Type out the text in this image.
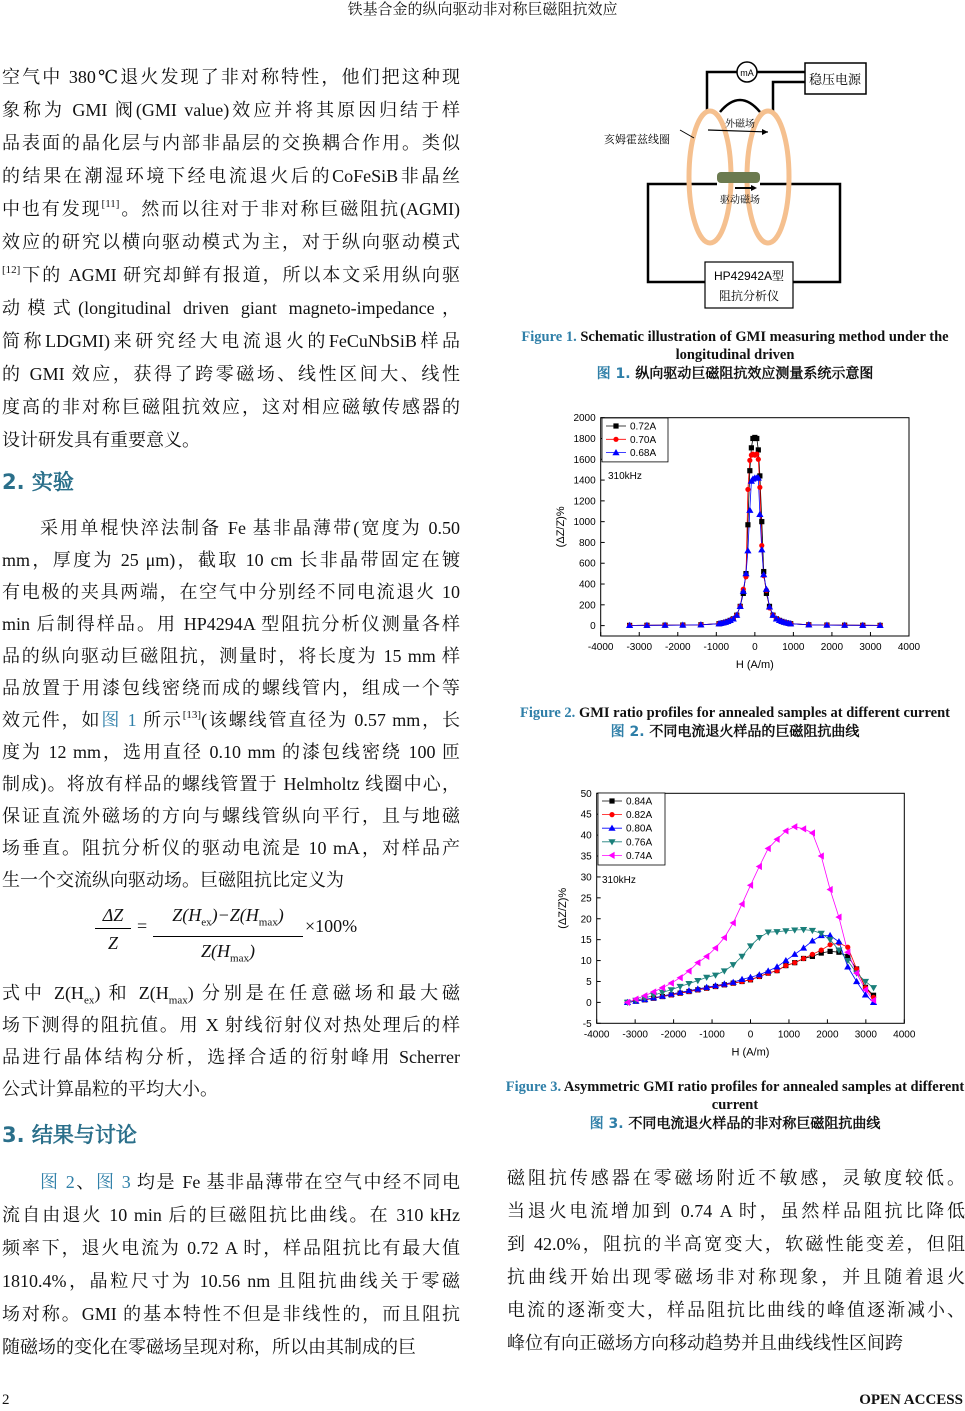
铁基合金的纵向驱动非对称巨磁阻抗效应
空气中 380℃退火发现了非对称特性，他们把这种现
象称为 GMI 阀(GMI value)效应并将其原因归结于样
品表面的晶化层与内部非晶层的交换耦合作用。类似
的结果在潮湿环境下经电流退火后的CoFeSiB非晶丝
中也有发现[11]。然而以往对于非对称巨磁阻抗(AGMI)
效应的研究以横向驱动模式为主，对于纵向驱动模式
[12]下的 AGMI 研究却鲜有报道，所以本文采用纵向驱
动模式(longitudinal driven giant magneto-impedance，
简称LDGMI)来研究经大电流退火的FeCuNbSiB样品
的 GMI 效应，获得了跨零磁场、线性区间大、线性
度高的非对称巨磁阻抗效应，这对相应磁敏传感器的
设计研发具有重要意义。
2. 实验
采用单棍快淬法制备 Fe 基非晶薄带(宽度为 0.50
mm，厚度为 25 μm)，截取 10 cm 长非晶带固定在镀
有电极的夹具两端，在空气中分别经不同电流退火 10
min 后制得样品。用 HP4294A 型阻抗分析仪测量各样
品的纵向驱动巨磁阻抗，测量时，将长度为 15 mm 样
品放置于用漆包线密绕而成的螺线管内，组成一个等
效元件，如图 1 所示[13](该螺线管直径为 0.57 mm，长
度为 12 mm，选用直径 0.10 mm 的漆包线密绕 100 匝
制成)。将放有样品的螺线管置于 Helmholtz 线圈中心，
保证直流外磁场的方向与螺线管纵向平行，且与地磁
场垂直。阻抗分析仪的驱动电流是 10 mA，对样品产
生一个交流纵向驱动场。巨磁阻抗比定义为
$\frac{\Delta Z}{Z}$ =
$Z(H_{ex})-Z(H_{max})$
$Z(H_{max})$
×100%
式中 $Z(H_{ex})$ 和 $Z(H_{max})$ 分别是在任意磁场和最大磁
场下测得的阻抗值。用 X 射线衍射仪对热处理后的样
品进行晶体结构分析，选择合适的衍射峰用 Scherrer
公式计算晶粒的平均大小。
3. 结果与讨论
图 2、图 3 均是 Fe 基非晶薄带在空气中经不同电
流自由退火 10 min 后的巨磁阻抗比曲线。在 310 kHz
频率下，退火电流为 0.72 A 时，样品阻抗比有最大值
1810.4%，晶粒尺寸为 10.56 nm 且阻抗曲线关于零磁
场对称。GMI 的基本特性不但是非线性的，而且阻抗
随磁场的变化在零磁场呈现对称，所以由其制成的巨
mA	稳压电源
外磁场
驱动磁场
亥姆霍兹线圈
HP42942A型
阻抗分析仪
Figure 1. Schematic illustration of GMI measuring method under the longitudinal driven
图 1. 纵向驱动巨磁阻抗效应测量系统示意图
-4000 -3000 -2000 -1000 0 1000 2000 3000 4000
0
200
400
600
800
1000
1200
1400
1600
1800
2000
H (A/m)
(ΔZ/Z)%
310kHz
0.72A
0.70A
0.68A
Figure 2. GMI ratio profiles for annealed samples at different current
图 2. 不同电流退火样品的巨磁阻抗曲线
-4000 -3000 -2000 -1000 0 1000 2000 3000 4000
-5
0
5
10
15
20
25
30
35
40
45
50
H (A/m)
(ΔZ/Z)%
310kHz
0.84A
0.82A
0.80A
0.76A
0.74A
Figure 3. Asymmetric GMI ratio profiles for annealed samples at different current
图 3. 不同电流退火样品的非对称巨磁阻抗曲线
磁阻抗传感器在零磁场附近不敏感，灵敏度较低。
当退火电流增加到 0.74 A 时，虽然样品阻抗比降低
到 42.0%，阻抗的半高宽变大，软磁性能变差，但阻
抗曲线开始出现零磁场非对称现象，并且随着退火
电流的逐渐变大，样品阻抗比曲线的峰值逐渐减小、
峰位有向正磁场方向移动趋势并且曲线线性区间跨
2	OPEN ACCESS
